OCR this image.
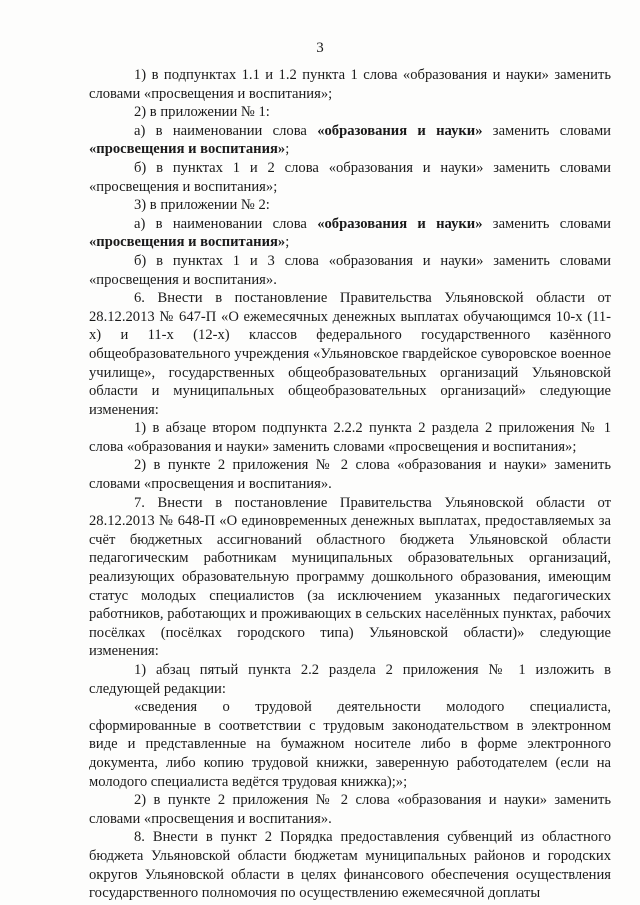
3

1) в подпунктах 1.1 и 1.2 пункта 1 слова «образования и науки» заменить словами «просвещения и воспитания»;

2) в приложении № 1:

а) в наименовании слова «образования и науки» заменить словами «просвещения и воспитания»;

б) в пунктах 1 и 2 слова «образования и науки» заменить словами «просвещения и воспитания»;

3) в приложении № 2:

а) в наименовании слова «образования и науки» заменить словами «просвещения и воспитания»;

б) в пунктах 1 и 3 слова «образования и науки» заменить словами «просвещения и воспитания».

6. Внести в постановление Правительства Ульяновской области от 28.12.2013 № 647-П «О ежемесячных денежных выплатах обучающимся 10-х (11-х) и 11-х (12-х) классов федерального государственного казённого общеобразовательного учреждения «Ульяновское гвардейское суворовское военное училище», государственных общеобразовательных организаций Ульяновской области и муниципальных общеобразовательных организаций» следующие изменения:

1) в абзаце втором подпункта 2.2.2 пункта 2 раздела 2 приложения № 1 слова «образования и науки» заменить словами «просвещения и воспитания»;

2) в пункте 2 приложения № 2 слова «образования и науки» заменить словами «просвещения и воспитания».

7. Внести в постановление Правительства Ульяновской области от 28.12.2013 № 648-П «О единовременных денежных выплатах, предоставляемых за счёт бюджетных ассигнований областного бюджета Ульяновской области педагогическим работникам муниципальных образовательных организаций, реализующих образовательную программу дошкольного образования, имеющим статус молодых специалистов (за исключением указанных педагогических работников, работающих и проживающих в сельских населённых пунктах, рабочих посёлках (посёлках городского типа) Ульяновской области)» следующие изменения:

1) абзац пятый пункта 2.2 раздела 2 приложения № 1 изложить в следующей редакции:

«сведения о трудовой деятельности молодого специалиста, сформированные в соответствии с трудовым законодательством в электронном виде и представленные на бумажном носителе либо в форме электронного документа, либо копию трудовой книжки, заверенную работодателем (если на молодого специалиста ведётся трудовая книжка);»;

2) в пункте 2 приложения № 2 слова «образования и науки» заменить словами «просвещения и воспитания».

8. Внести в пункт 2 Порядка предоставления субвенций из областного бюджета Ульяновской области бюджетам муниципальных районов и городских округов Ульяновской области в целях финансового обеспечения осуществления государственного полномочия по осуществлению ежемесячной доплаты
